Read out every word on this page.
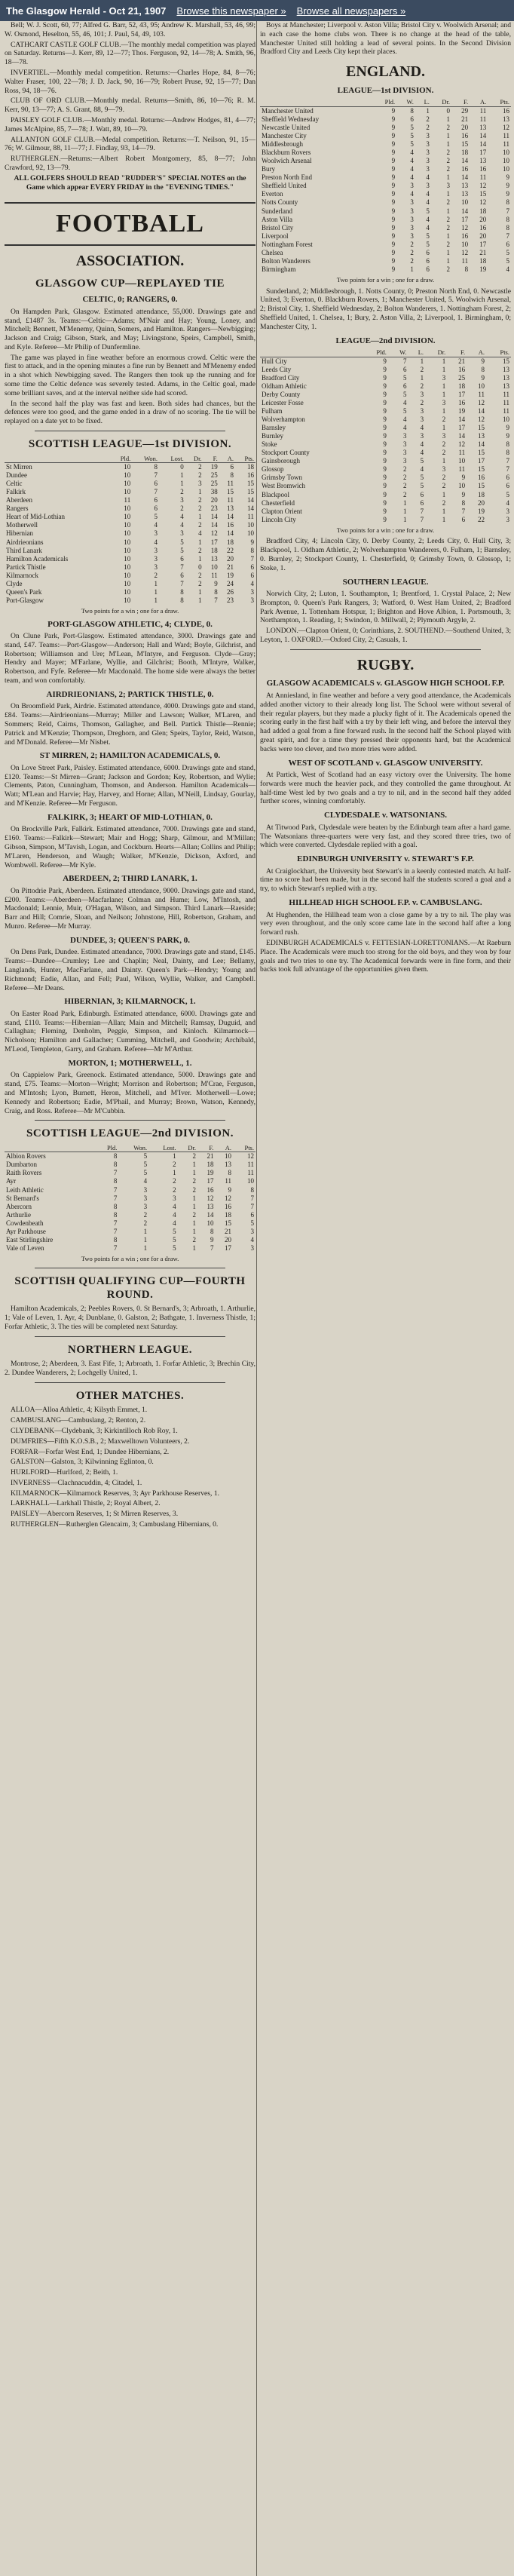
The Glasgow Herald - Oct 21, 1907 Browse this newspaper » Browse all newspapers »

Bell; W. J. Scott, 60, 77; Alfred G. Barr, 52, 43, 95; Andrew K. Marshall, 53, 46, 99; W. Osmond, Heselton, 55, 46, 101; J. Paul, 54, 49, 103.

CATHCART CASTLE GOLF CLUB.—The monthly medal competition was played on Saturday. Returns—J. Kerr, 89, 12—77; Thos. Ferguson, 92, 14—78; A. Smith, 96, 18—78.

INVERTIEL.—Monthly medal competition. Returns:—Charles Hope, 84, 8—76; Walter Fraser, 100, 22—78; J. D. Jack, 90, 16—79; Robert Pruse, 92, 15—77; Dan Ross, 94, 18—76.

CLUB OF ORD CLUB.—Monthly medal. Returns—Smith, 86, 10—76; R. M. Kerr, 90, 13—77; A. S. Grant, 88, 9—79.

PAISLEY GOLF CLUB.—Monthly medal. Returns:—Andrew Hodges, 81, 4—77; James McAlpine, 85, 7—78; J. Watt, 89, 10—79.

ALLANTON GOLF CLUB.—Medal competition. Returns:—T. Neilson, 91, 15—76; W. Gilmour, 88, 11—77; J. Findlay, 93, 14—79.

RUTHERGLEN.—Returns:—Albert Robert Montgomery, 85, 8—77; John Crawford, 92, 13—79.

ALL GOLFERS SHOULD READ "RUDDER'S" SPECIAL NOTES on the Game which appear EVERY FRIDAY in the "EVENING TIMES."

FOOTBALL
ASSOCIATION.
GLASGOW CUP—REPLAYED TIE
CELTIC, 0; RANGERS, 0.

On Hampden Park, Glasgow. Estimated attendance, 55,000. Drawings gate and stand, £1487 3s. Teams:—Celtic—Adams; M'Nair and Hay; Young, Loney, and Mitchell; Bennett, M'Menemy, Quinn, Somers, and Hamilton. Rangers—Newbigging; Jackson and Craig; Gibson, Stark, and May; Livingstone, Speirs, Campbell, Smith, and Kyle. Referee—Mr Philip of Dunfermline.

The game was played in fine weather before an enormous crowd. Celtic were the first to attack, and in the opening minutes a fine run by Bennett and M'Menemy ended in a shot which Newbigging saved. The Rangers then took up the running and for some time the Celtic defence was severely tested. Adams, in the Celtic goal, made some brilliant saves, and at the interval neither side had scored.

In the second half the play was fast and keen. Both sides had chances, but the defences were too good, and the game ended in a draw of no scoring. The tie will be replayed on a date yet to be fixed.

SCOTTISH LEAGUE—1st DIVISION.
	Pld.	Won.	Lost.	Dr.	F.	A.	Pts.
St Mirren	10	8	0	2	19	6	18
Dundee	10	7	1	2	25	8	16
Celtic	10	6	1	3	25	11	15
Falkirk	10	7	2	1	38	15	15
Aberdeen	11	6	3	2	20	11	14
Rangers	10	6	2	2	23	13	14
Heart of Mid-Lothian	10	5	4	1	14	14	11
Motherwell	10	4	4	2	14	16	10
Hibernian	10	3	3	4	12	14	10
Airdrieonians	10	4	5	1	17	18	9
Third Lanark	10	3	5	2	18	22	8
Hamilton Academicals	10	3	6	1	13	20	7
Partick Thistle	10	3	7	0	10	21	6
Kilmarnock	10	2	6	2	11	19	6
Clyde	10	1	7	2	9	24	4
Queen's Park	10	1	8	1	8	26	3
Port-Glasgow	10	1	8	1	7	23	3
Two points for a win ; one for a draw.
PORT-GLASGOW ATHLETIC, 4; CLYDE, 0.

On Clune Park, Port-Glasgow. Estimated attendance, 3000. Drawings gate and stand, £47. Teams:—Port-Glasgow—Anderson; Hall and Ward; Boyle, Gilchrist, and Robertson; Williamson and Ure; M'Lean, M'Intyre, and Ferguson. Clyde—Gray; Hendry and Mayer; M'Farlane, Wyllie, and Gilchrist; Booth, M'Intyre, Walker, Robertson, and Fyfe. Referee—Mr Macdonald. The home side were always the better team, and won comfortably.

AIRDRIEONIANS, 2; PARTICK THISTLE, 0.

On Broomfield Park, Airdrie. Estimated attendance, 4000. Drawings gate and stand, £84. Teams:—Airdrieonians—Murray; Miller and Lawson; Walker, M'Laren, and Sommers; Reid, Cairns, Thomson, Gallagher, and Bell. Partick Thistle—Rennie; Patrick and M'Kenzie; Thompson, Dreghorn, and Glen; Speirs, Taylor, Reid, Watson, and M'Donald. Referee—Mr Nisbet.

ST MIRREN, 2; HAMILTON ACADEMICALS, 0.

On Love Street Park, Paisley. Estimated attendance, 6000. Drawings gate and stand, £120. Teams:—St Mirren—Grant; Jackson and Gordon; Key, Robertson, and Wylie; Clements, Paton, Cunningham, Thomson, and Anderson. Hamilton Academicals—Watt; M'Lean and Harvie; Hay, Harvey, and Horne; Allan, M'Neill, Lindsay, Gourlay, and M'Kenzie. Referee—Mr Ferguson.

FALKIRK, 3; HEART OF MID-LOTHIAN, 0.

On Brockville Park, Falkirk. Estimated attendance, 7000. Drawings gate and stand, £160. Teams:—Falkirk—Stewart; Mair and Hogg; Sharp, Gilmour, and M'Millan; Gibson, Simpson, M'Tavish, Logan, and Cockburn. Hearts—Allan; Collins and Philip; M'Laren, Henderson, and Waugh; Walker, M'Kenzie, Dickson, Axford, and Wombwell. Referee—Mr Kyle.

ABERDEEN, 2; THIRD LANARK, 1.

On Pittodrie Park, Aberdeen. Estimated attendance, 9000. Drawings gate and stand, £200. Teams:—Aberdeen—Macfarlane; Colman and Hume; Low, M'Intosh, and Macdonald; Lennie, Muir, O'Hagan, Wilson, and Simpson. Third Lanark—Raeside; Barr and Hill; Comrie, Sloan, and Neilson; Johnstone, Hill, Robertson, Graham, and Munro. Referee—Mr Murray.

DUNDEE, 3; QUEEN'S PARK, 0.

On Dens Park, Dundee. Estimated attendance, 7000. Drawings gate and stand, £145. Teams:—Dundee—Crumley; Lee and Chaplin; Neal, Dainty, and Lee; Bellamy, Langlands, Hunter, MacFarlane, and Dainty. Queen's Park—Hendry; Young and Richmond; Eadie, Allan, and Fell; Paul, Wilson, Wyllie, Walker, and Campbell. Referee—Mr Deans.

HIBERNIAN, 3; KILMARNOCK, 1.

On Easter Road Park, Edinburgh. Estimated attendance, 6000. Drawings gate and stand, £110. Teams:—Hibernian—Allan; Main and Mitchell; Ramsay, Duguid, and Callaghan; Fleming, Denholm, Peggie, Simpson, and Kinloch. Kilmarnock—Nicholson; Hamilton and Gallacher; Cumming, Mitchell, and Goodwin; Archibald, M'Leod, Templeton, Garry, and Graham. Referee—Mr M'Arthur.

MORTON, 1; MOTHERWELL, 1.

On Cappielow Park, Greenock. Estimated attendance, 5000. Drawings gate and stand, £75. Teams:—Morton—Wright; Morrison and Robertson; M'Crae, Ferguson, and M'Intosh; Lyon, Burnett, Heron, Mitchell, and M'Iver. Motherwell—Lowe; Kennedy and Robertson; Eadie, M'Phail, and Murray; Brown, Watson, Kennedy, Craig, and Ross. Referee—Mr M'Cubbin.

SCOTTISH LEAGUE—2nd DIVISION.
	Pld.	Won.	Lost.	Dr.	F.	A.	Pts.
Albion Rovers	8	5	1	2	21	10	12
Dumbarton	8	5	2	1	18	13	11
Raith Rovers	7	5	1	1	19	8	11
Ayr	8	4	2	2	17	11	10
Leith Athletic	7	3	2	2	16	9	8
St Bernard's	7	3	3	1	12	12	7
Abercorn	8	3	4	1	13	16	7
Arthurlie	8	2	4	2	14	18	6
Cowdenbeath	7	2	4	1	10	15	5
Ayr Parkhouse	7	1	5	1	8	21	3
East Stirlingshire	8	1	5	2	9	20	4
Vale of Leven	7	1	5	1	7	17	3
Two points for a win ; one for a draw.
SCOTTISH QUALIFYING CUP—FOURTH ROUND.

Hamilton Academicals, 2; Peebles Rovers, 0. St Bernard's, 3; Arbroath, 1. Arthurlie, 1; Vale of Leven, 1. Ayr, 4; Dunblane, 0. Galston, 2; Bathgate, 1. Inverness Thistle, 1; Forfar Athletic, 3. The ties will be completed next Saturday.

NORTHERN LEAGUE.

Montrose, 2; Aberdeen, 3. East Fife, 1; Arbroath, 1. Forfar Athletic, 3; Brechin City, 2. Dundee Wanderers, 2; Lochgelly United, 1.

OTHER MATCHES.

ALLOA—Alloa Athletic, 4; Kilsyth Emmet, 1.

CAMBUSLANG—Cambuslang, 2; Renton, 2.

CLYDEBANK—Clydebank, 3; Kirkintilloch Rob Roy, 1.

DUMFRIES—Fifth K.O.S.B., 2; Maxwelltown Volunteers, 2.

FORFAR—Forfar West End, 1; Dundee Hibernians, 2.

GALSTON—Galston, 3; Kilwinning Eglinton, 0.

HURLFORD—Hurlford, 2; Beith, 1.

INVERNESS—Clachnacuddin, 4; Citadel, 1.

KILMARNOCK—Kilmarnock Reserves, 3; Ayr Parkhouse Reserves, 1.

LARKHALL—Larkhall Thistle, 2; Royal Albert, 2.

PAISLEY—Abercorn Reserves, 1; St Mirren Reserves, 3.

RUTHERGLEN—Rutherglen Glencairn, 3; Cambuslang Hibernians, 0.

Boys at Manchester; Liverpool v. Aston Villa; Bristol City v. Woolwich Arsenal; and in each case the home clubs won. There is no change at the head of the table, Manchester United still holding a lead of several points. In the Second Division Bradford City and Leeds City kept their places.

ENGLAND.
LEAGUE—1st DIVISION.
	Pld.	W.	L.	Dr.	F.	A.	Pts.
Manchester United	9	8	1	0	29	11	16
Sheffield Wednesday	9	6	2	1	21	11	13
Newcastle United	9	5	2	2	20	13	12
Manchester City	9	5	3	1	16	14	11
Middlesbrough	9	5	3	1	15	14	11
Blackburn Rovers	9	4	3	2	18	17	10
Woolwich Arsenal	9	4	3	2	14	13	10
Bury	9	4	3	2	16	16	10
Preston North End	9	4	4	1	14	11	9
Sheffield United	9	3	3	3	13	12	9
Everton	9	4	4	1	13	15	9
Notts County	9	3	4	2	10	12	8
Sunderland	9	3	5	1	14	18	7
Aston Villa	9	3	4	2	17	20	8
Bristol City	9	3	4	2	12	16	8
Liverpool	9	3	5	1	16	20	7
Nottingham Forest	9	2	5	2	10	17	6
Chelsea	9	2	6	1	12	21	5
Bolton Wanderers	9	2	6	1	11	18	5
Birmingham	9	1	6	2	8	19	4
Two points for a win ; one for a draw.

Sunderland, 2; Middlesbrough, 1. Notts County, 0; Preston North End, 0. Newcastle United, 3; Everton, 0. Blackburn Rovers, 1; Manchester United, 5. Woolwich Arsenal, 2; Bristol City, 1. Sheffield Wednesday, 2; Bolton Wanderers, 1. Nottingham Forest, 2; Sheffield United, 1. Chelsea, 1; Bury, 2. Aston Villa, 2; Liverpool, 1. Birmingham, 0; Manchester City, 1.

LEAGUE—2nd DIVISION.
	Pld.	W.	L.	Dr.	F.	A.	Pts.
Hull City	9	7	1	1	21	9	15
Leeds City	9	6	2	1	16	8	13
Bradford City	9	5	1	3	25	9	13
Oldham Athletic	9	6	2	1	18	10	13
Derby County	9	5	3	1	17	11	11
Leicester Fosse	9	4	2	3	16	12	11
Fulham	9	5	3	1	19	14	11
Wolverhampton	9	4	3	2	14	12	10
Barnsley	9	4	4	1	17	15	9
Burnley	9	3	3	3	14	13	9
Stoke	9	3	4	2	12	14	8
Stockport County	9	3	4	2	11	15	8
Gainsborough	9	3	5	1	10	17	7
Glossop	9	2	4	3	11	15	7
Grimsby Town	9	2	5	2	9	16	6
West Bromwich	9	2	5	2	10	15	6
Blackpool	9	2	6	1	9	18	5
Chesterfield	9	1	6	2	8	20	4
Clapton Orient	9	1	7	1	7	19	3
Lincoln City	9	1	7	1	6	22	3
Two points for a win ; one for a draw.

Bradford City, 4; Lincoln City, 0. Derby County, 2; Leeds City, 0. Hull City, 3; Blackpool, 1. Oldham Athletic, 2; Wolverhampton Wanderers, 0. Fulham, 1; Barnsley, 0. Burnley, 2; Stockport County, 1. Chesterfield, 0; Grimsby Town, 0. Glossop, 1; Stoke, 1.

SOUTHERN LEAGUE.

Norwich City, 2; Luton, 1. Southampton, 1; Brentford, 1. Crystal Palace, 2; New Brompton, 0. Queen's Park Rangers, 3; Watford, 0. West Ham United, 2; Bradford Park Avenue, 1. Tottenham Hotspur, 1; Brighton and Hove Albion, 1. Portsmouth, 3; Northampton, 1. Reading, 1; Swindon, 0. Millwall, 2; Plymouth Argyle, 2.

LONDON.—Clapton Orient, 0; Corinthians, 2. SOUTHEND.—Southend United, 3; Leyton, 1. OXFORD.—Oxford City, 2; Casuals, 1.

RUGBY.
GLASGOW ACADEMICALS v. GLASGOW HIGH SCHOOL F.P.

At Anniesland, in fine weather and before a very good attendance, the Academicals added another victory to their already long list. The School were without several of their regular players, but they made a plucky fight of it. The Academicals opened the scoring early in the first half with a try by their left wing, and before the interval they had added a goal from a fine forward rush. In the second half the School played with great spirit, and for a time they pressed their opponents hard, but the Academical backs were too clever, and two more tries were added.

WEST OF SCOTLAND v. GLASGOW UNIVERSITY.

At Partick, West of Scotland had an easy victory over the University. The home forwards were much the heavier pack, and they controlled the game throughout. At half-time West led by two goals and a try to nil, and in the second half they added further scores, winning comfortably.

CLYDESDALE v. WATSONIANS.

At Titwood Park, Clydesdale were beaten by the Edinburgh team after a hard game. The Watsonians three-quarters were very fast, and they scored three tries, two of which were converted. Clydesdale replied with a goal.

EDINBURGH UNIVERSITY v. STEWART'S F.P.

At Craiglockhart, the University beat Stewart's in a keenly contested match. At half-time no score had been made, but in the second half the students scored a goal and a try, to which Stewart's replied with a try.

HILLHEAD HIGH SCHOOL F.P. v. CAMBUSLANG.

At Hughenden, the Hillhead team won a close game by a try to nil. The play was very even throughout, and the only score came late in the second half after a long forward rush.

EDINBURGH ACADEMICALS v. FETTESIAN-LORETTONIANS.—At Raeburn Place. The Academicals were much too strong for the old boys, and they won by four goals and two tries to one try. The Academical forwards were in fine form, and their backs took full advantage of the opportunities given them.
